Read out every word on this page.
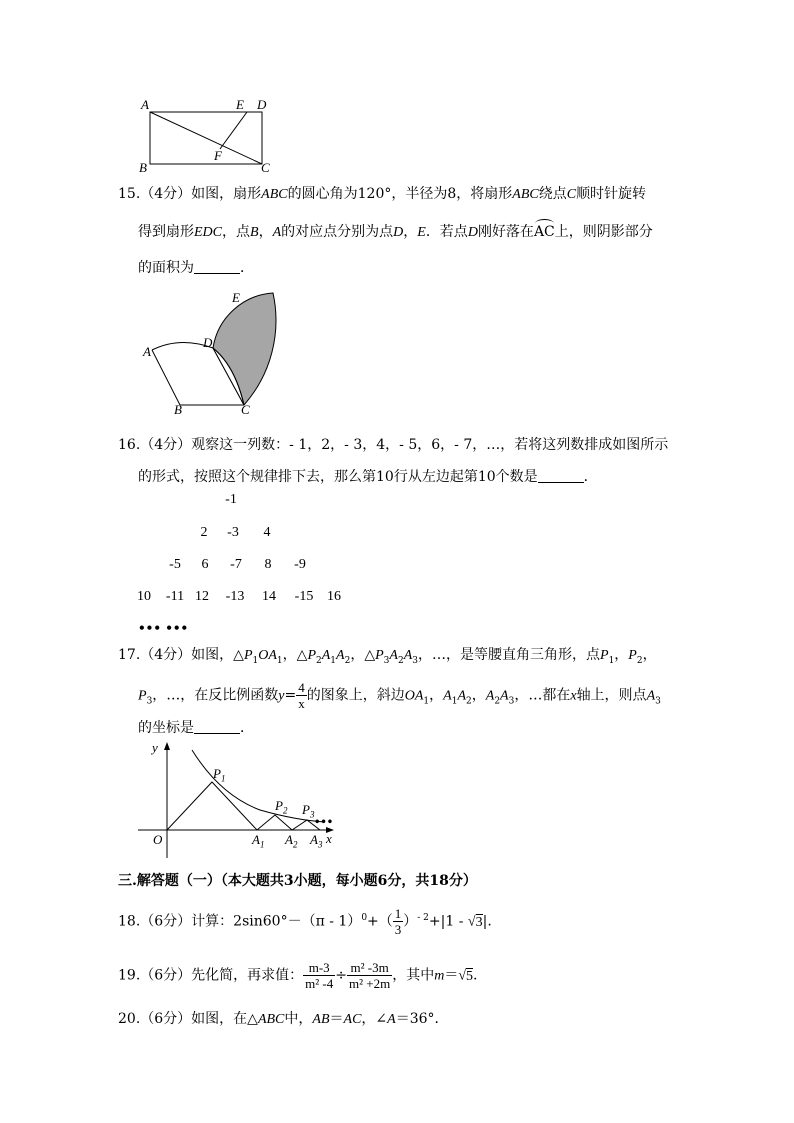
A	E D
B
F
C
15.（4分）如图，扇形ABC的圆心角为120°，半径为8，将扇形ABC绕点C顺时针旋转
得到扇形EDC，点B，A的对应点分别为点D，E．若点D刚好落在AC上，则阴影部分
的面积为	．
E
A
D
B	C
16.（4分）观察这一列数：- 1，2，- 3，4，- 5，6，- 7，…，若将这列数排成如图所示
的形式，按照这个规律排下去，那么第10行从左边起第10个数是	．
-1
2	-3	4
-5	6	-7	8	-9
10	-11 12	-13	14	-15 16
••• •••
17.（4分）如图，$\triangle P_1OA_1$，$\triangle P_2A_1A_2$，$\triangle P_3A_2A_3$，…，是等腰直角三角形，点$P_1$，$P_2$，
$P_3$，…，在反比例函数$y= \frac{4}{x}$ 的图象上，斜边$OA_1$，$A_1A_2$，$A_2A_3$，…都在x轴上，则点$A_3$
的坐标是	．
y
x
O
$P_1$
$P_2$ $P_3$
$A_1$ $A_2$ $A_3$
•••
三.解答题（一）（本大题共3小题，每小题6分，共18分）
18.（6分）计算：$2\sin 60^\circ-(\pi - 1)^0+( \frac{1}{3} )^{- 2}+|1 - √3|$.
19.（6分）先化简，再求值： $\frac{m-3}{\text{m² -4}} \div \frac{\text{m² -3m}}{\text{m² +2m}}$ ，其中m＝√5.
20.（6分）如图，在△ABC中，AB＝AC，∠A＝36°．
